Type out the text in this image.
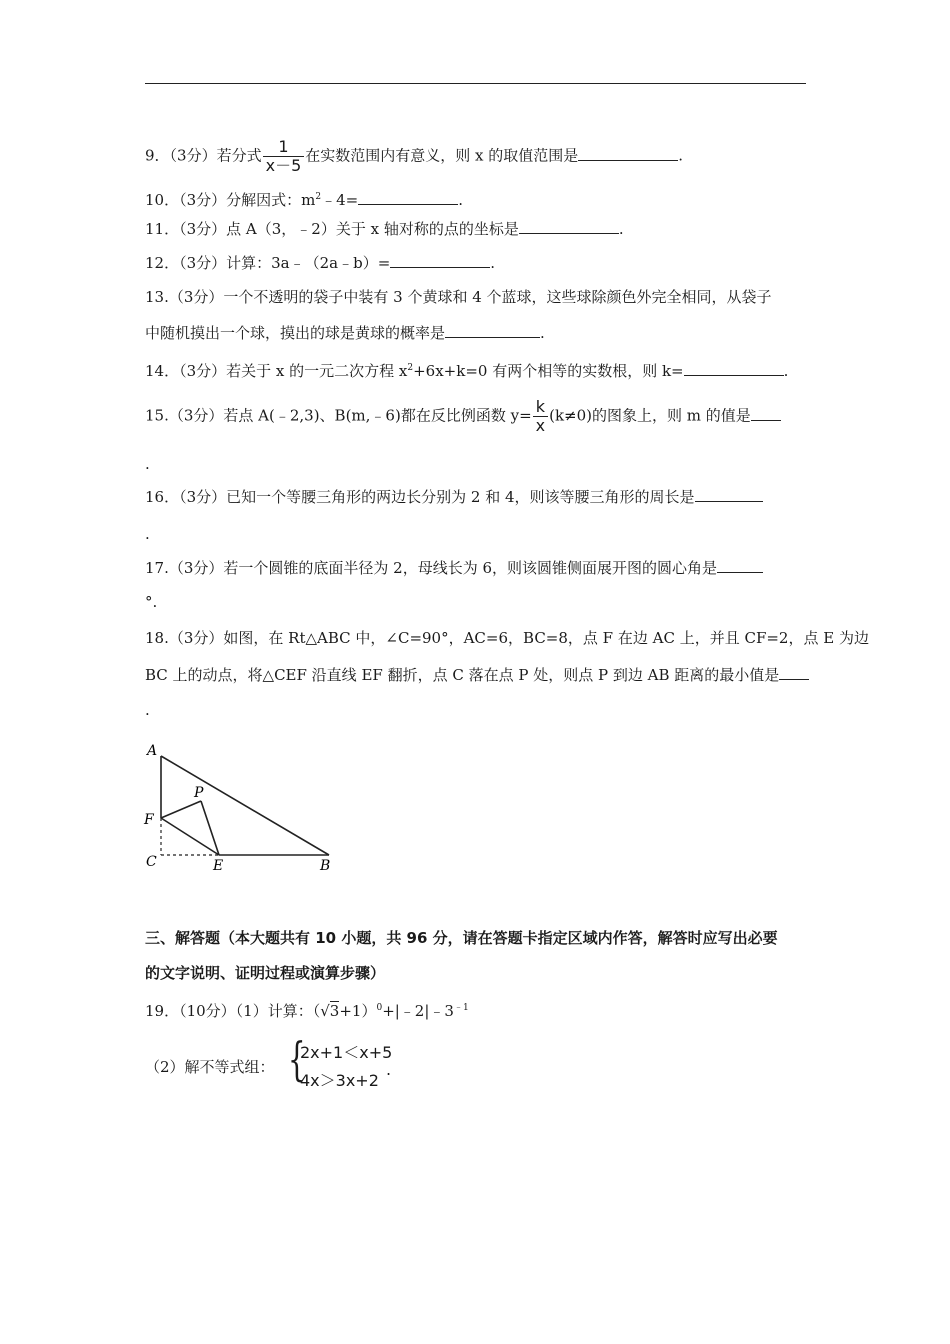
9．（3分）若分式 $\frac{1}{x-5}$ 在实数范围内有意义，则 x 的取值范围是	.
10．（3分）分解因式：$m^2﹣4=$	.
11．（3分）点 A（3，﹣2）关于 x 轴对称的点的坐标是	.
12．（3分）计算：3a﹣（2a﹣b）=	.
13.（3分）一个不透明的袋子中装有 3 个黄球和 4 个蓝球，这些球除颜色外完全相同，从袋子
中随机摸出一个球，摸出的球是黄球的概率是	.
14．（3分）若关于 x 的一元二次方程 $x^2+6x+k=0$ 有两个相等的实数根，则 k=	.
15.（3分）若点 A(﹣2,3)、B(m,﹣6)都在反比例函数 $y= \frac{k}{x} (k\ne 0)$的图象上，则 m 的值是
.
16．（3分）已知一个等腰三角形的两边长分别为 2 和 4，则该等腰三角形的周长是
.
17.（3分）若一个圆锥的底面半径为 2，母线长为 6，则该圆锥侧面展开图的圆心角是
°.
18.（3分）如图，在 Rt△ABC 中，∠C=90°，AC=6，BC=8，点 F 在边 AC 上，并且 CF=2，点 E 为边
BC 上的动点，将△CEF 沿直线 EF 翻折，点 C 落在点 P 处，则点 P 到边 AB 距离的最小值是
.
A
P
F
C	E	B
三、解答题（本大题共有 10 小题，共 96 分，请在答题卡指定区域内作答，解答时应写出必要
的文字说明、证明过程或演算步骤）
19．（10分）（1）计算：$(√3+1)^0+|﹣2|﹣3^{﹣1}$
（2）解不等式组： {
2x+1＜x+5
4x＞3x+2
.
